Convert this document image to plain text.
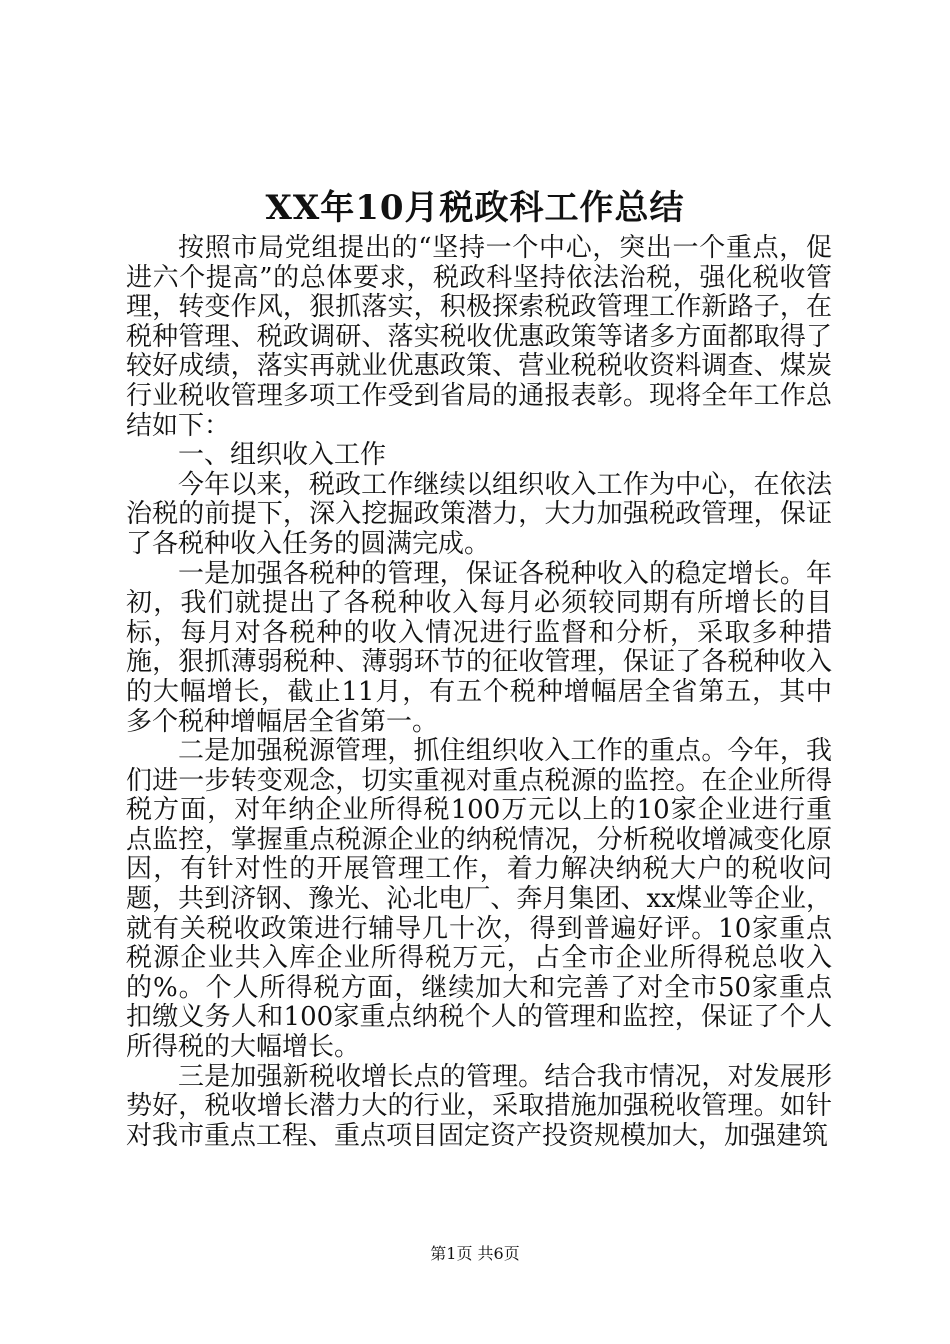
XX年10月税政科工作总结

按照市局党组提出的“坚持一个中心，突出一个重点，促进六个提高”的总体要求，税政科坚持依法治税，强化税收管理，转变作风，狠抓落实，积极探索税政管理工作新路子，在税种管理、税政调研、落实税收优惠政策等诸多方面都取得了较好成绩，落实再就业优惠政策、营业税税收资料调查、煤炭行业税收管理多项工作受到省局的通报表彰。现将全年工作总结如下：

一、组织收入工作

今年以来，税政工作继续以组织收入工作为中心，在依法治税的前提下，深入挖掘政策潜力，大力加强税政管理，保证了各税种收入任务的圆满完成。

一是加强各税种的管理，保证各税种收入的稳定增长。年初，我们就提出了各税种收入每月必须较同期有所增长的目标，每月对各税种的收入情况进行监督和分析，采取多种措施，狠抓薄弱税种、薄弱环节的征收管理，保证了各税种收入的大幅增长，截止11月，有五个税种增幅居全省第五，其中多个税种增幅居全省第一。

二是加强税源管理，抓住组织收入工作的重点。今年，我们进一步转变观念，切实重视对重点税源的监控。在企业所得税方面，对年纳企业所得税100万元以上的10家企业进行重点监控，掌握重点税源企业的纳税情况，分析税收增减变化原因，有针对性的开展管理工作，着力解决纳税大户的税收问题，共到济钢、豫光、沁北电厂、奔月集团、xx煤业等企业，就有关税收政策进行辅导几十次，得到普遍好评。10家重点税源企业共入库企业所得税万元，占全市企业所得税总收入的%。个人所得税方面，继续加大和完善了对全市50家重点扣缴义务人和100家重点纳税个人的管理和监控，保证了个人所得税的大幅增长。

三是加强新税收增长点的管理。结合我市情况，对发展形势好，税收增长潜力大的行业，采取措施加强税收管理。如针对我市重点工程、重点项目固定资产投资规模加大，加强建筑

第1页 共6页
